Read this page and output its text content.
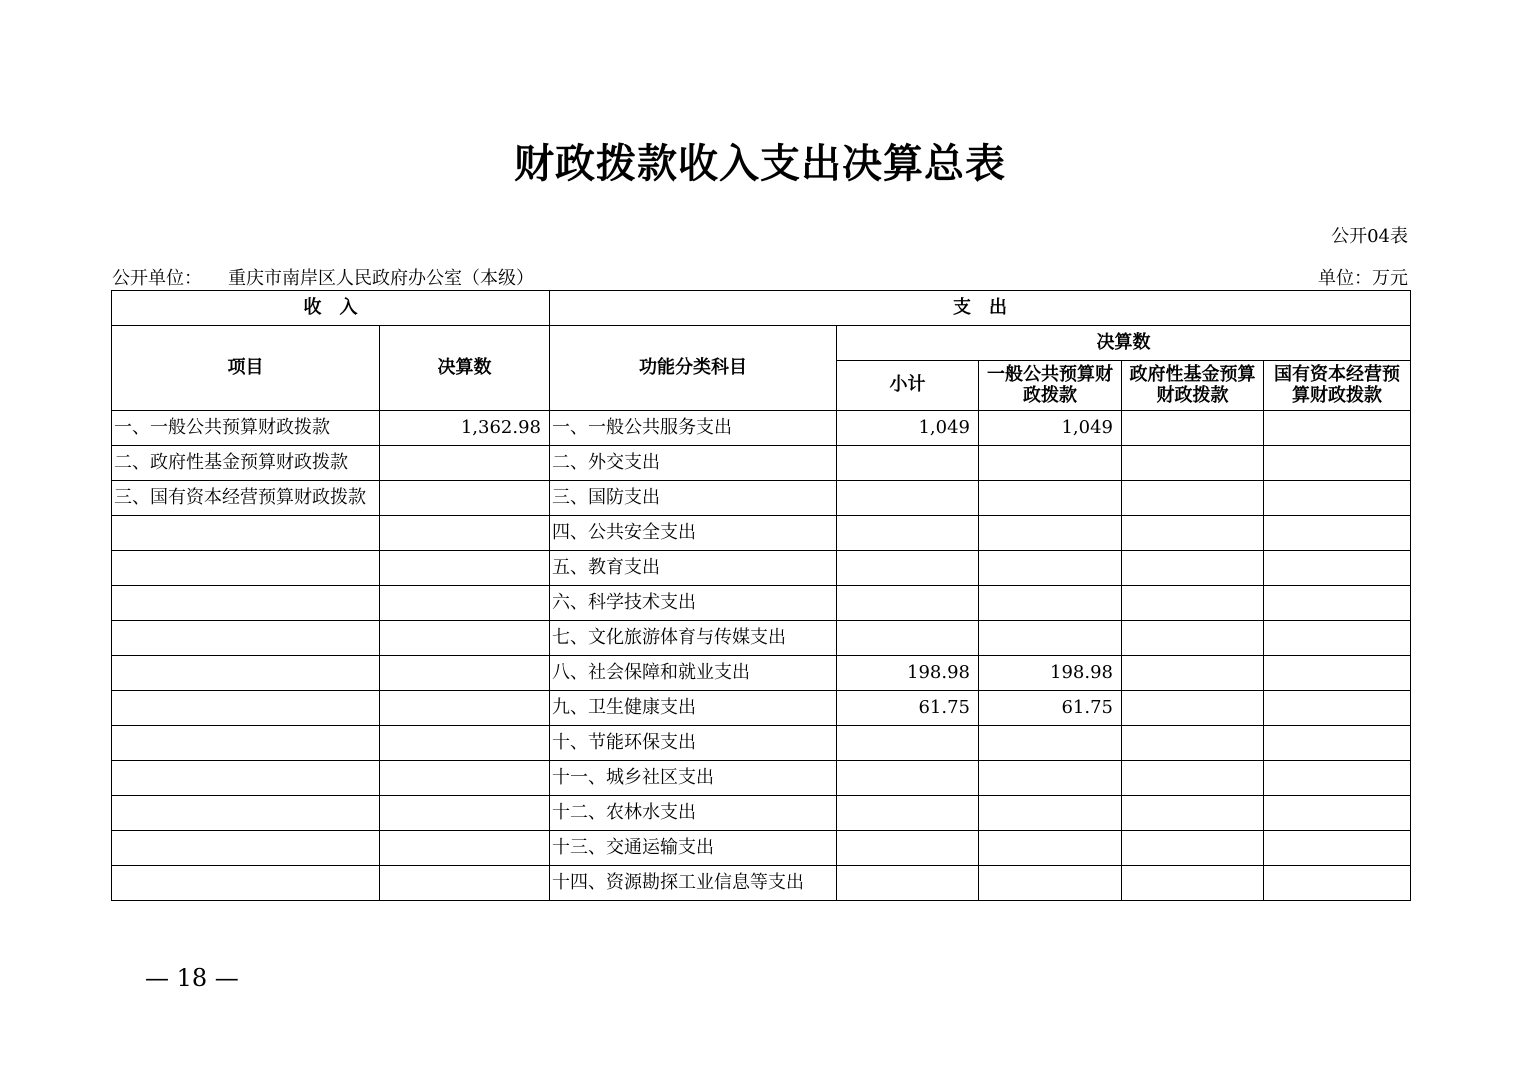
财政拨款收入支出决算总表
公开04表
公开单位： 重庆市南岸区人民政府办公室（本级）	单位：万元
收　入		支　出				
项目	决算数	功能分类科目	决算数			
			小计	一般公共预算财政拨款	政府性基金预算财政拨款	国有资本经营预算财政拨款
一、一般公共预算财政拨款	1,362.98	一、一般公共服务支出	1,049	1,049		
二、政府性基金预算财政拨款		二、外交支出				
三、国有资本经营预算财政拨款		三、国防支出				
		四、公共安全支出				
		五、教育支出				
		六、科学技术支出				
		七、文化旅游体育与传媒支出				
		八、社会保障和就业支出	198.98	198.98		
		九、卫生健康支出	61.75	61.75		
		十、节能环保支出				
		十一、城乡社区支出				
		十二、农林水支出				
		十三、交通运输支出				
		十四、资源勘探工业信息等支出				
— 18 —
